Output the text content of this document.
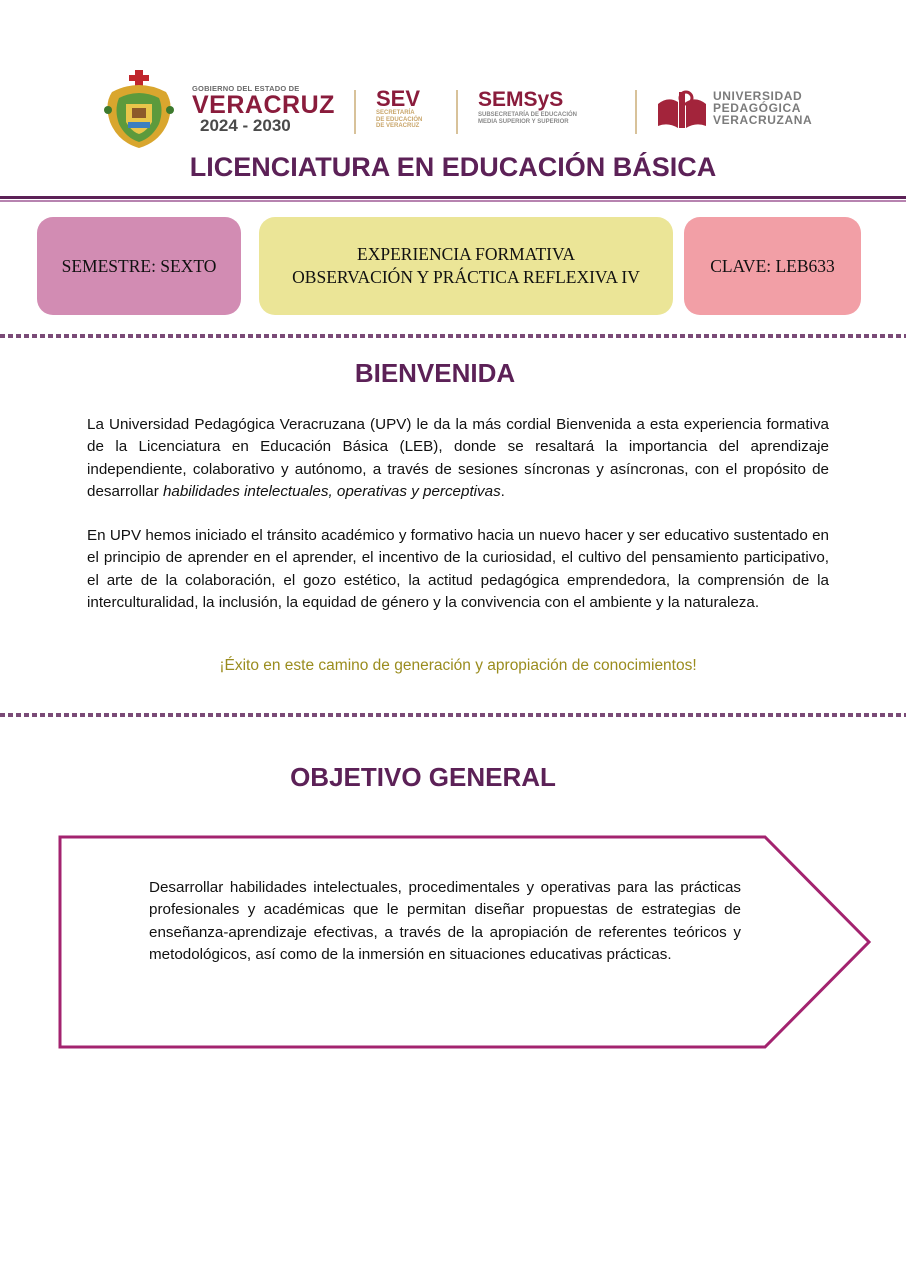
GOBIERNO DEL ESTADO DE
VERACRUZ
2024 - 2030
SEV
SECRETARÍA
DE EDUCACIÓN
DE VERACRUZ
SEMSyS
SUBSECRETARÍA DE EDUCACIÓN
MEDIA SUPERIOR Y SUPERIOR
UNIVERSIDAD
PEDAGÓGICA
VERACRUZANA
LICENCIATURA EN EDUCACIÓN BÁSICA
SEMESTRE: SEXTO
EXPERIENCIA FORMATIVA
OBSERVACIÓN Y PRÁCTICA REFLEXIVA IV
CLAVE: LEB633
BIENVENIDA

La Universidad Pedagógica Veracruzana (UPV) le da la más cordial Bienvenida a esta experiencia formativa de la Licenciatura en Educación Básica (LEB), donde se resaltará la importancia del aprendizaje independiente, colaborativo y autónomo, a través de sesiones síncronas y asíncronas, con el propósito de desarrollar habilidades intelectuales, operativas y perceptivas.

En UPV hemos iniciado el tránsito académico y formativo hacia un nuevo hacer y ser educativo sustentado en el principio de aprender en el aprender, el incentivo de la curiosidad, el cultivo del pensamiento participativo, el arte de la colaboración, el gozo estético, la actitud pedagógica emprendedora, la comprensión de la interculturalidad, la inclusión, la equidad de género y la convivencia con el ambiente y la naturaleza.

¡Éxito en este camino de generación y apropiación de conocimientos!
OBJETIVO GENERAL

Desarrollar habilidades intelectuales, procedimentales y operativas para las prácticas profesionales y académicas que le permitan diseñar propuestas de estrategias de enseñanza-aprendizaje efectivas, a través de la apropiación de referentes teóricos y metodológicos, así como de la inmersión en situaciones educativas prácticas.
